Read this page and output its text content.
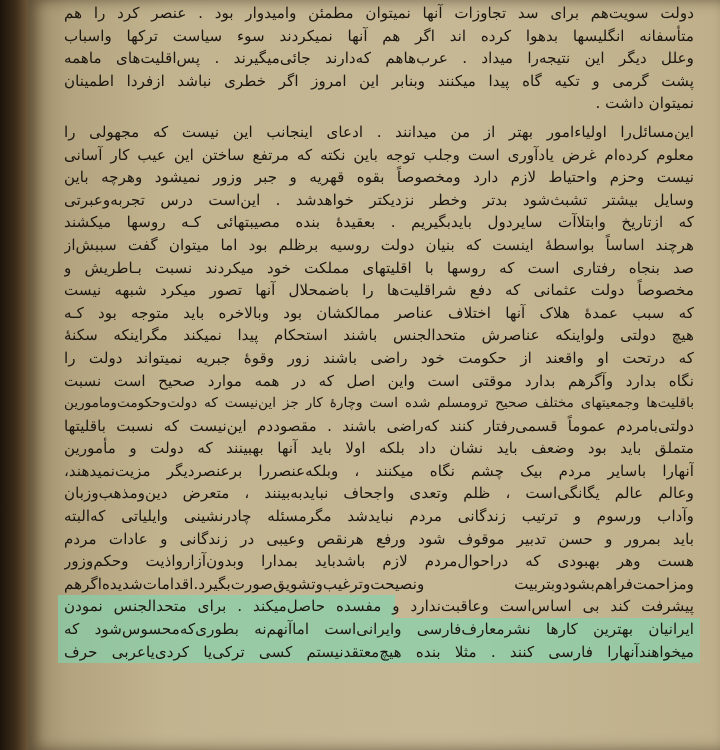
دولت سویت‌هم برای سد تجاوزات آنها نمیتوان مطمئن وامیدوار بود . عنصر کرد را هم
متأسفانه انگلیسها بدهوا کرده اند اگر هم آنها نمیکردند سوء سیاست ترکها واسباب
وعلل دیگر این نتیجه‌را میداد . عرب‌هاهم که‌دارند جائی‌میگیرند . پس‌اقلیت‌های ماهمه
پشت گرمی و تکیه گاه پیدا میکنند وبنابر این امروز اگر خطری نباشد ازفردا اطمینان
نمیتوان داشت .
این‌مسائل‌را اولیاءامور بهتر از من میدانند . ادعای اینجانب این نیست که مجهولی را
معلوم کرده‌ام غرض یادآوری است وجلب توجه باین نکته که مرتفع ساختن این عیب کار آسانی
نیست وحزم واحتیاط لازم دارد ومخصوصاً بقوه قهریه و جبر وزور نمیشود وهرچه باین
وسایل بیشتر تشبث‌شود بدتر وخطر نزدیکتر خواهدشد . این‌است درس تجربه‌وعبرتی
که ازتاریخ وابتلاآت سایردول بایدبگیریم . بعقیدهٔ بنده مصیبتهائی کـه روسها میکشند
هرچند اساساً بواسطهٔ اینست که بنیان دولت روسیه برظلم بود اما میتوان گفت سببش‌از
صد بنجاه رفتاری است که روسها با اقلیتهای مملکت خود میکردند نسبت بـاطریش و
مخصوصاً دولت عثمانی که دفع شراقلیت‌ها را باضمحلال آنها تصور میکرد شبهه نیست
که سبب عمدهٔ هلاک آنها اختلاف عناصر ممالکشان بود وبالاخره باید متوجه بود کـه
هیچ دولتی ولواینکه عناصرش متحدالجنس باشند استحکام پیدا نمیکند مگراینکه سکنهٔ
که درتحت او واقعند از حکومت خود راضی باشند زور وقوهٔ جبریه نمیتواند دولت را
نگاه بدارد وآگرهم بدارد موقتی است واین اصل که در همه موارد صحیح است نسبت
باقلیت‌ها وجمعیتهای مختلف صحیح ترومسلم شده است وچارهٔ کار جز این‌نیست که دولت‌وحکومت‌ومامورین
دولتی‌بامردم عموماً قسمی‌رفتار کنند که‌راضی باشند . مقصوددم این‌نیست که نسبت باقلیتها
متملق باید بود وضعف باید نشان داد بلکه اولا باید آنها بهبینند که دولت و مأمورین
آنهارا باسایر مردم بیک چشم نگاه میکنند ، وبلکه‌عنصررا برعنصردیگر مزیت‌نمیدهند،
وعالم عالم یگانگی‌است ، ظلم وتعدی واجحاف نبایدبه‌بینند ، متعرض دین‌ومذهب‌وزبان
وآداب ورسوم و ترتیب زندگانی مردم نبایدشد مگرمسئله چادرنشینی وایلیاتی که‌البته
باید بمرور و حسن تدبیر موقوف شود ورفع هرنقص وعیبی در زندگانی و عادات مردم
هست وهر بهبودی که دراحوال‌مردم لازم باشدباید بمدارا وبدون‌آزارواذیت وحکم‌وزور
ومزاحمت‌فراهم‌بشود‌وبتربیت ونصیحت‌وترغیب‌وتشویق‌صورت‌بگیرد.اقدامات‌شدیده‌اگرهم
پیشرفت کند بی اساس‌است وعاقبت‌ندارد و مفسده حاصل‌میکند . برای متحدالجنس نمودن
ایرانیان بهترین کارها نشرمعارف‌فارسی وایرانی‌است اما‌آنهم‌نه بطوری‌که‌محسوس‌شود که
میخواهندآنهارا فارسی کنند . مثلا بنده هیچ‌معتقدنیستم کسی ترکی‌یا کردی‌یاعربی حرف
